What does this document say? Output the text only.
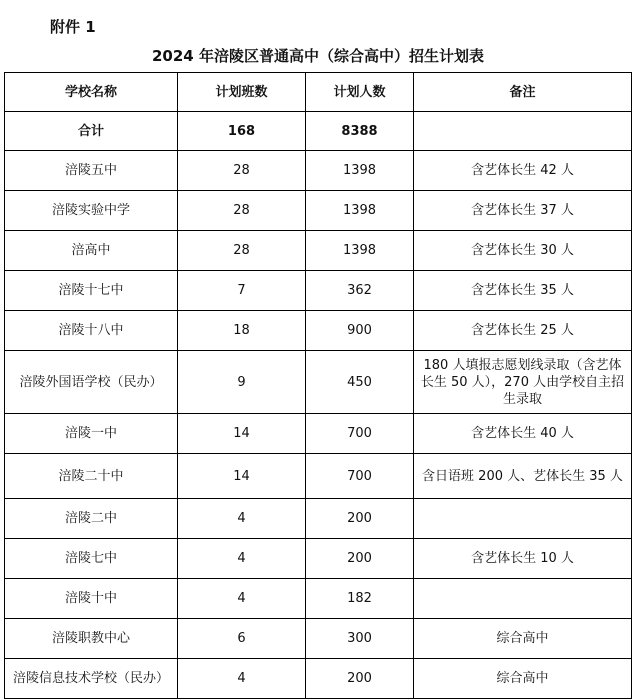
附件 1
2024 年涪陵区普通高中（综合高中）招生计划表
学校名称	计划班数	计划人数	备注
合计	168	8388	
涪陵五中	28	1398	含艺体长生 42 人
涪陵实验中学	28	1398	含艺体长生 37 人
涪高中	28	1398	含艺体长生 30 人
涪陵十七中	7	362	含艺体长生 35 人
涪陵十八中	18	900	含艺体长生 25 人
涪陵外国语学校（民办）	9	450	180 人填报志愿划线录取（含艺体长生 50 人），270 人由学校自主招生录取
涪陵一中	14	700	含艺体长生 40 人
涪陵二十中	14	700	含日语班 200 人、艺体长生 35 人
涪陵二中	4	200	
涪陵七中	4	200	含艺体长生 10 人
涪陵十中	4	182	
涪陵职教中心	6	300	综合高中
涪陵信息技术学校（民办）	4	200	综合高中
